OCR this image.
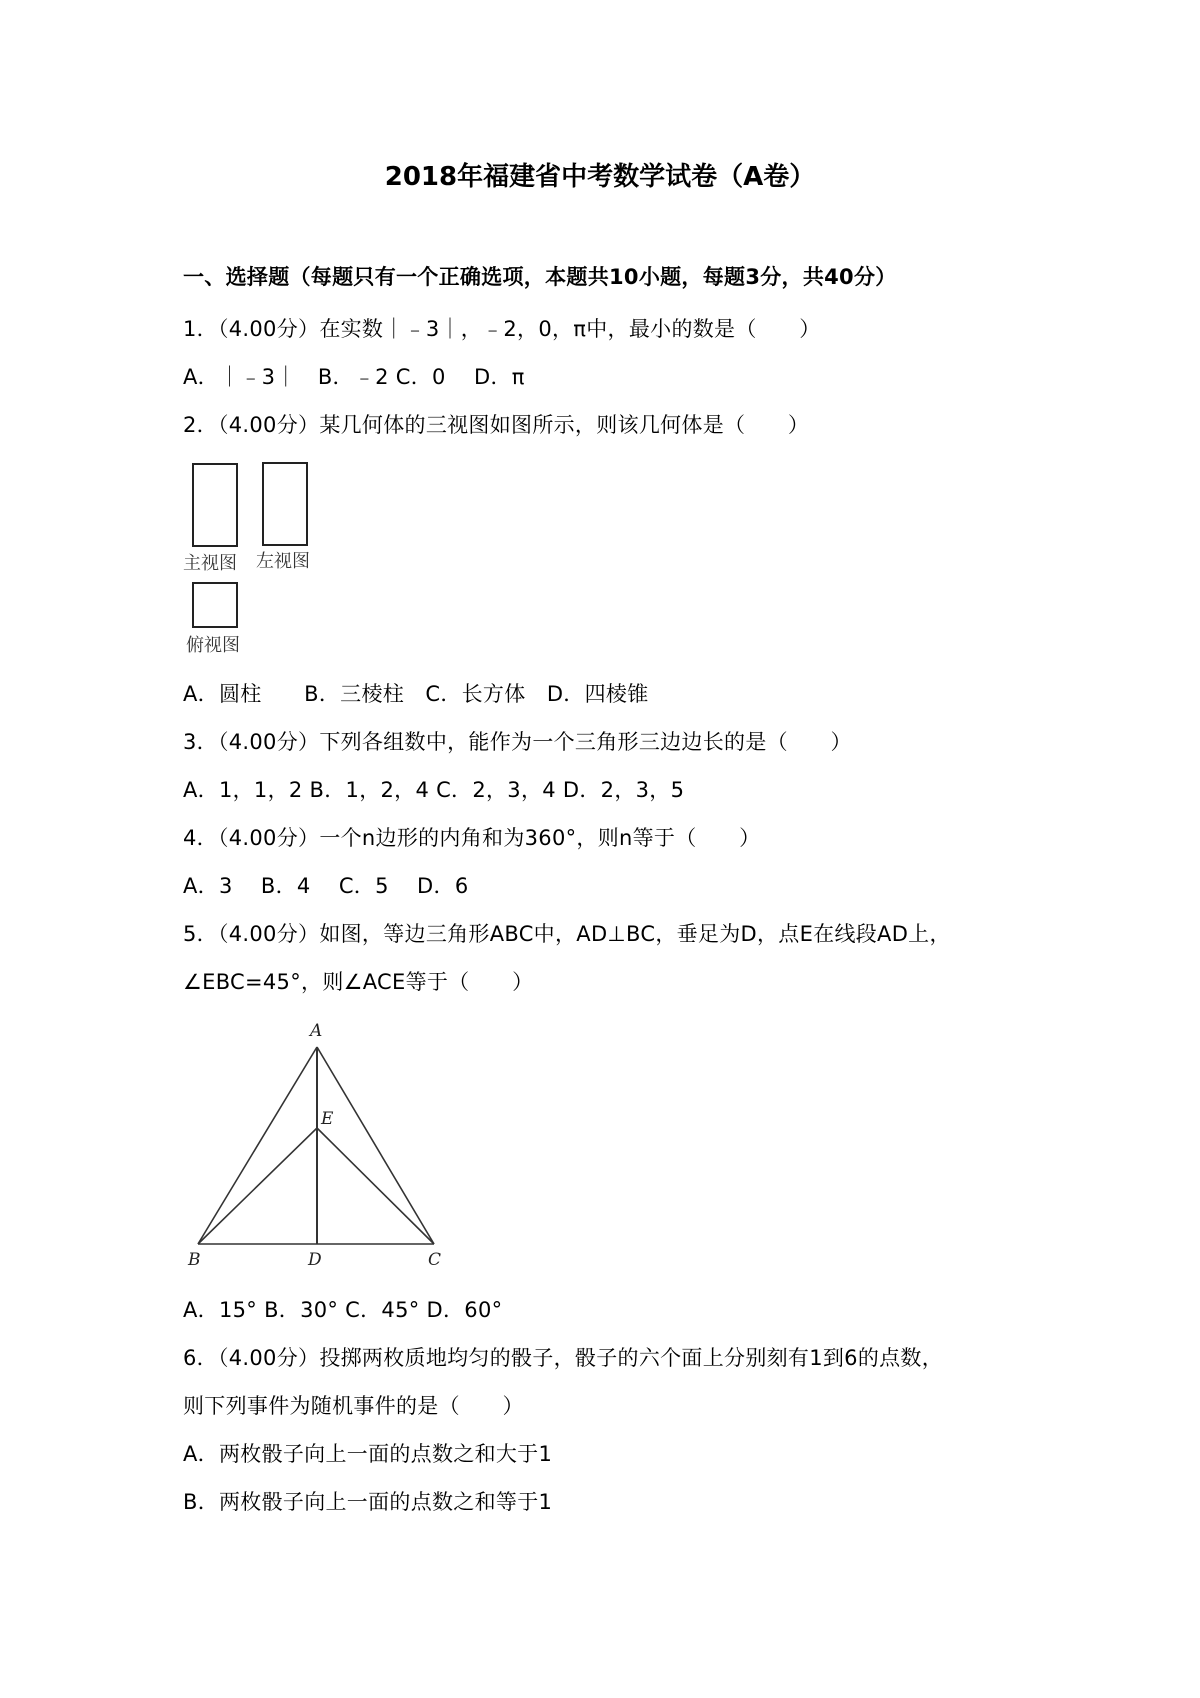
2018年福建省中考数学试卷（A卷）
一、选择题（每题只有一个正确选项，本题共10小题，每题3分，共40分）
1．（4.00分）在实数｜﹣3｜，﹣2，0，π中，最小的数是（　　）
A．｜﹣3｜　B．﹣2 C．0　 D．π
2．（4.00分）某几何体的三视图如图所示，则该几何体是（　　）
主视图 左视图
俯视图
A．圆柱　　B．三棱柱　C．长方体　D．四棱锥
3．（4.00分）下列各组数中，能作为一个三角形三边边长的是（　　）
A．1，1，2 B．1，2，4 C．2，3，4 D．2，3，5
4．（4.00分）一个n边形的内角和为360°，则n等于（　　）
A．3　 B．4　 C．5　 D．6
5．（4.00分）如图，等边三角形ABC中，AD⊥BC，垂足为D，点E在线段AD上，
∠EBC=45°，则∠ACE等于（　　）
A
E
B	D	C
A．15° B．30° C．45° D．60°
6．（4.00分）投掷两枚质地均匀的骰子，骰子的六个面上分别刻有1到6的点数，
则下列事件为随机事件的是（　　）
A．两枚骰子向上一面的点数之和大于1
B．两枚骰子向上一面的点数之和等于1
